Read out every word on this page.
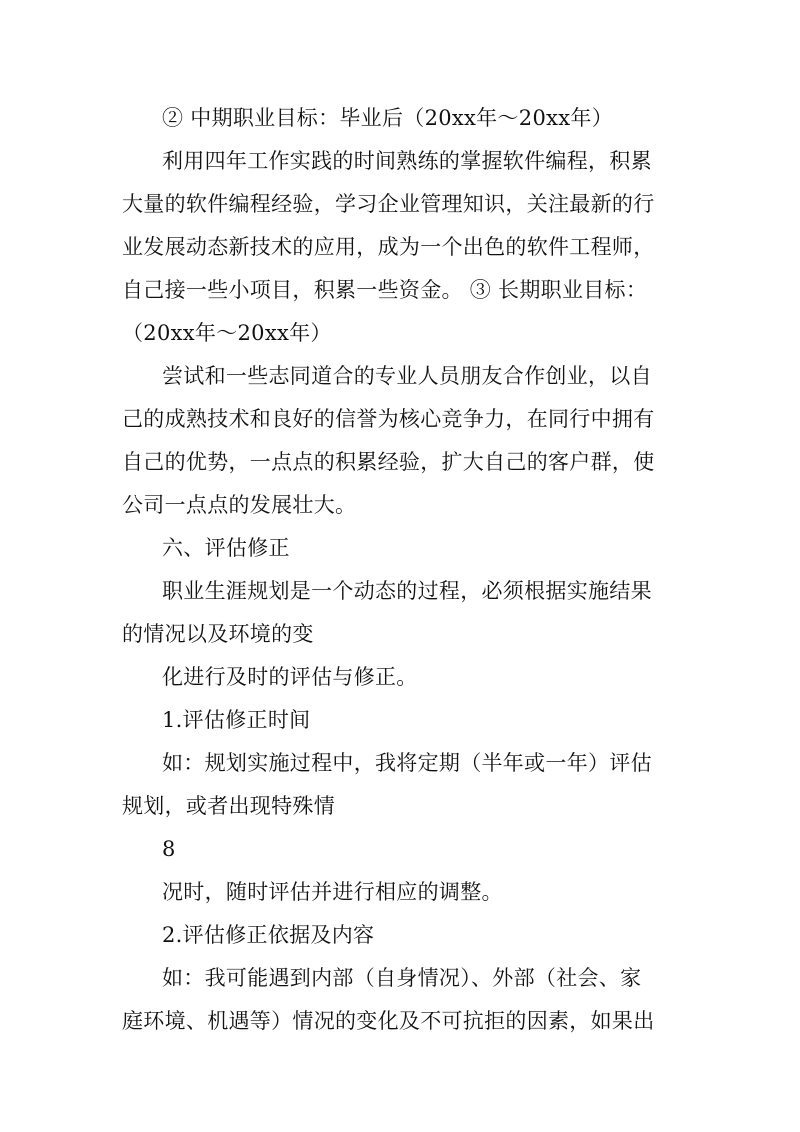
② 中期职业目标：毕业后（20xx年～20xx年）
利用四年工作实践的时间熟练的掌握软件编程，积累
大量的软件编程经验，学习企业管理知识，关注最新的行
业发展动态新技术的应用，成为一个出色的软件工程师，
自己接一些小项目，积累一些资金。 ③ 长期职业目标：
（20xx年～20xx年）
尝试和一些志同道合的专业人员朋友合作创业，以自
己的成熟技术和良好的信誉为核心竞争力，在同行中拥有
自己的优势，一点点的积累经验，扩大自己的客户群，使
公司一点点的发展壮大。
六、评估修正
职业生涯规划是一个动态的过程，必须根据实施结果
的情况以及环境的变
化进行及时的评估与修正。
1.评估修正时间
如：规划实施过程中，我将定期（半年或一年）评估
规划，或者出现特殊情
8
况时，随时评估并进行相应的调整。
2.评估修正依据及内容
如：我可能遇到内部（自身情况）、外部（社会、家
庭环境、机遇等）情况的变化及不可抗拒的因素，如果出
